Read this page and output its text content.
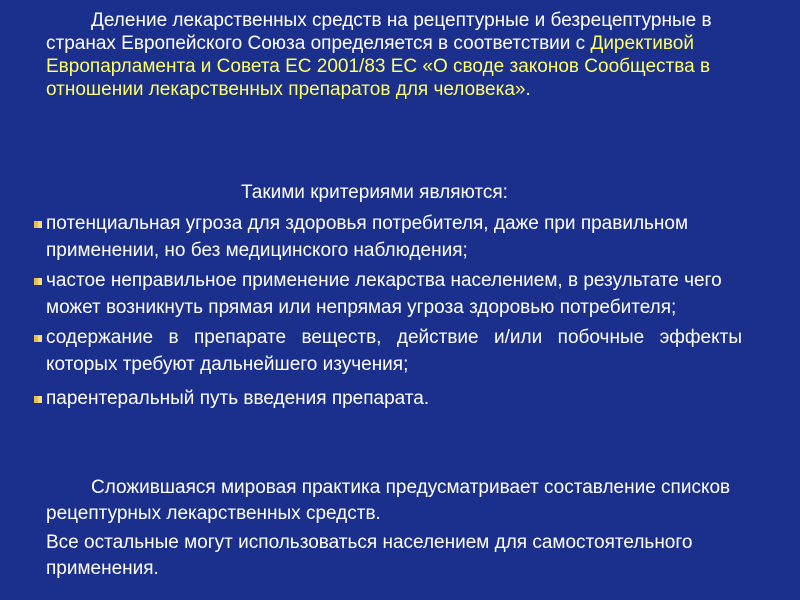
Деление лекарственных средств на рецептурные и безрецептурные в странах Европейского Союза определяется в соответствии с Директивой Европарламента и Совета ЕС 2001/83 ЕС «О своде законов Сообщества в отношении лекарственных препаратов для человека».

Такими критериями являются:

потенциальная угроза для здоровья потребителя, даже при правильном применении, но без медицинского наблюдения;
частое неправильное применение лекарства населением, в результате чего может возникнуть прямая или непрямая угроза здоровью потребителя;
содержание в препарате веществ, действие и/или побочные эффекты которых требуют дальнейшего изучения;
парентеральный путь введения препарата.

Сложившаяся мировая практика предусматривает составление списков рецептурных лекарственных средств.

Все остальные могут использоваться населением для самостоятельного применения.
